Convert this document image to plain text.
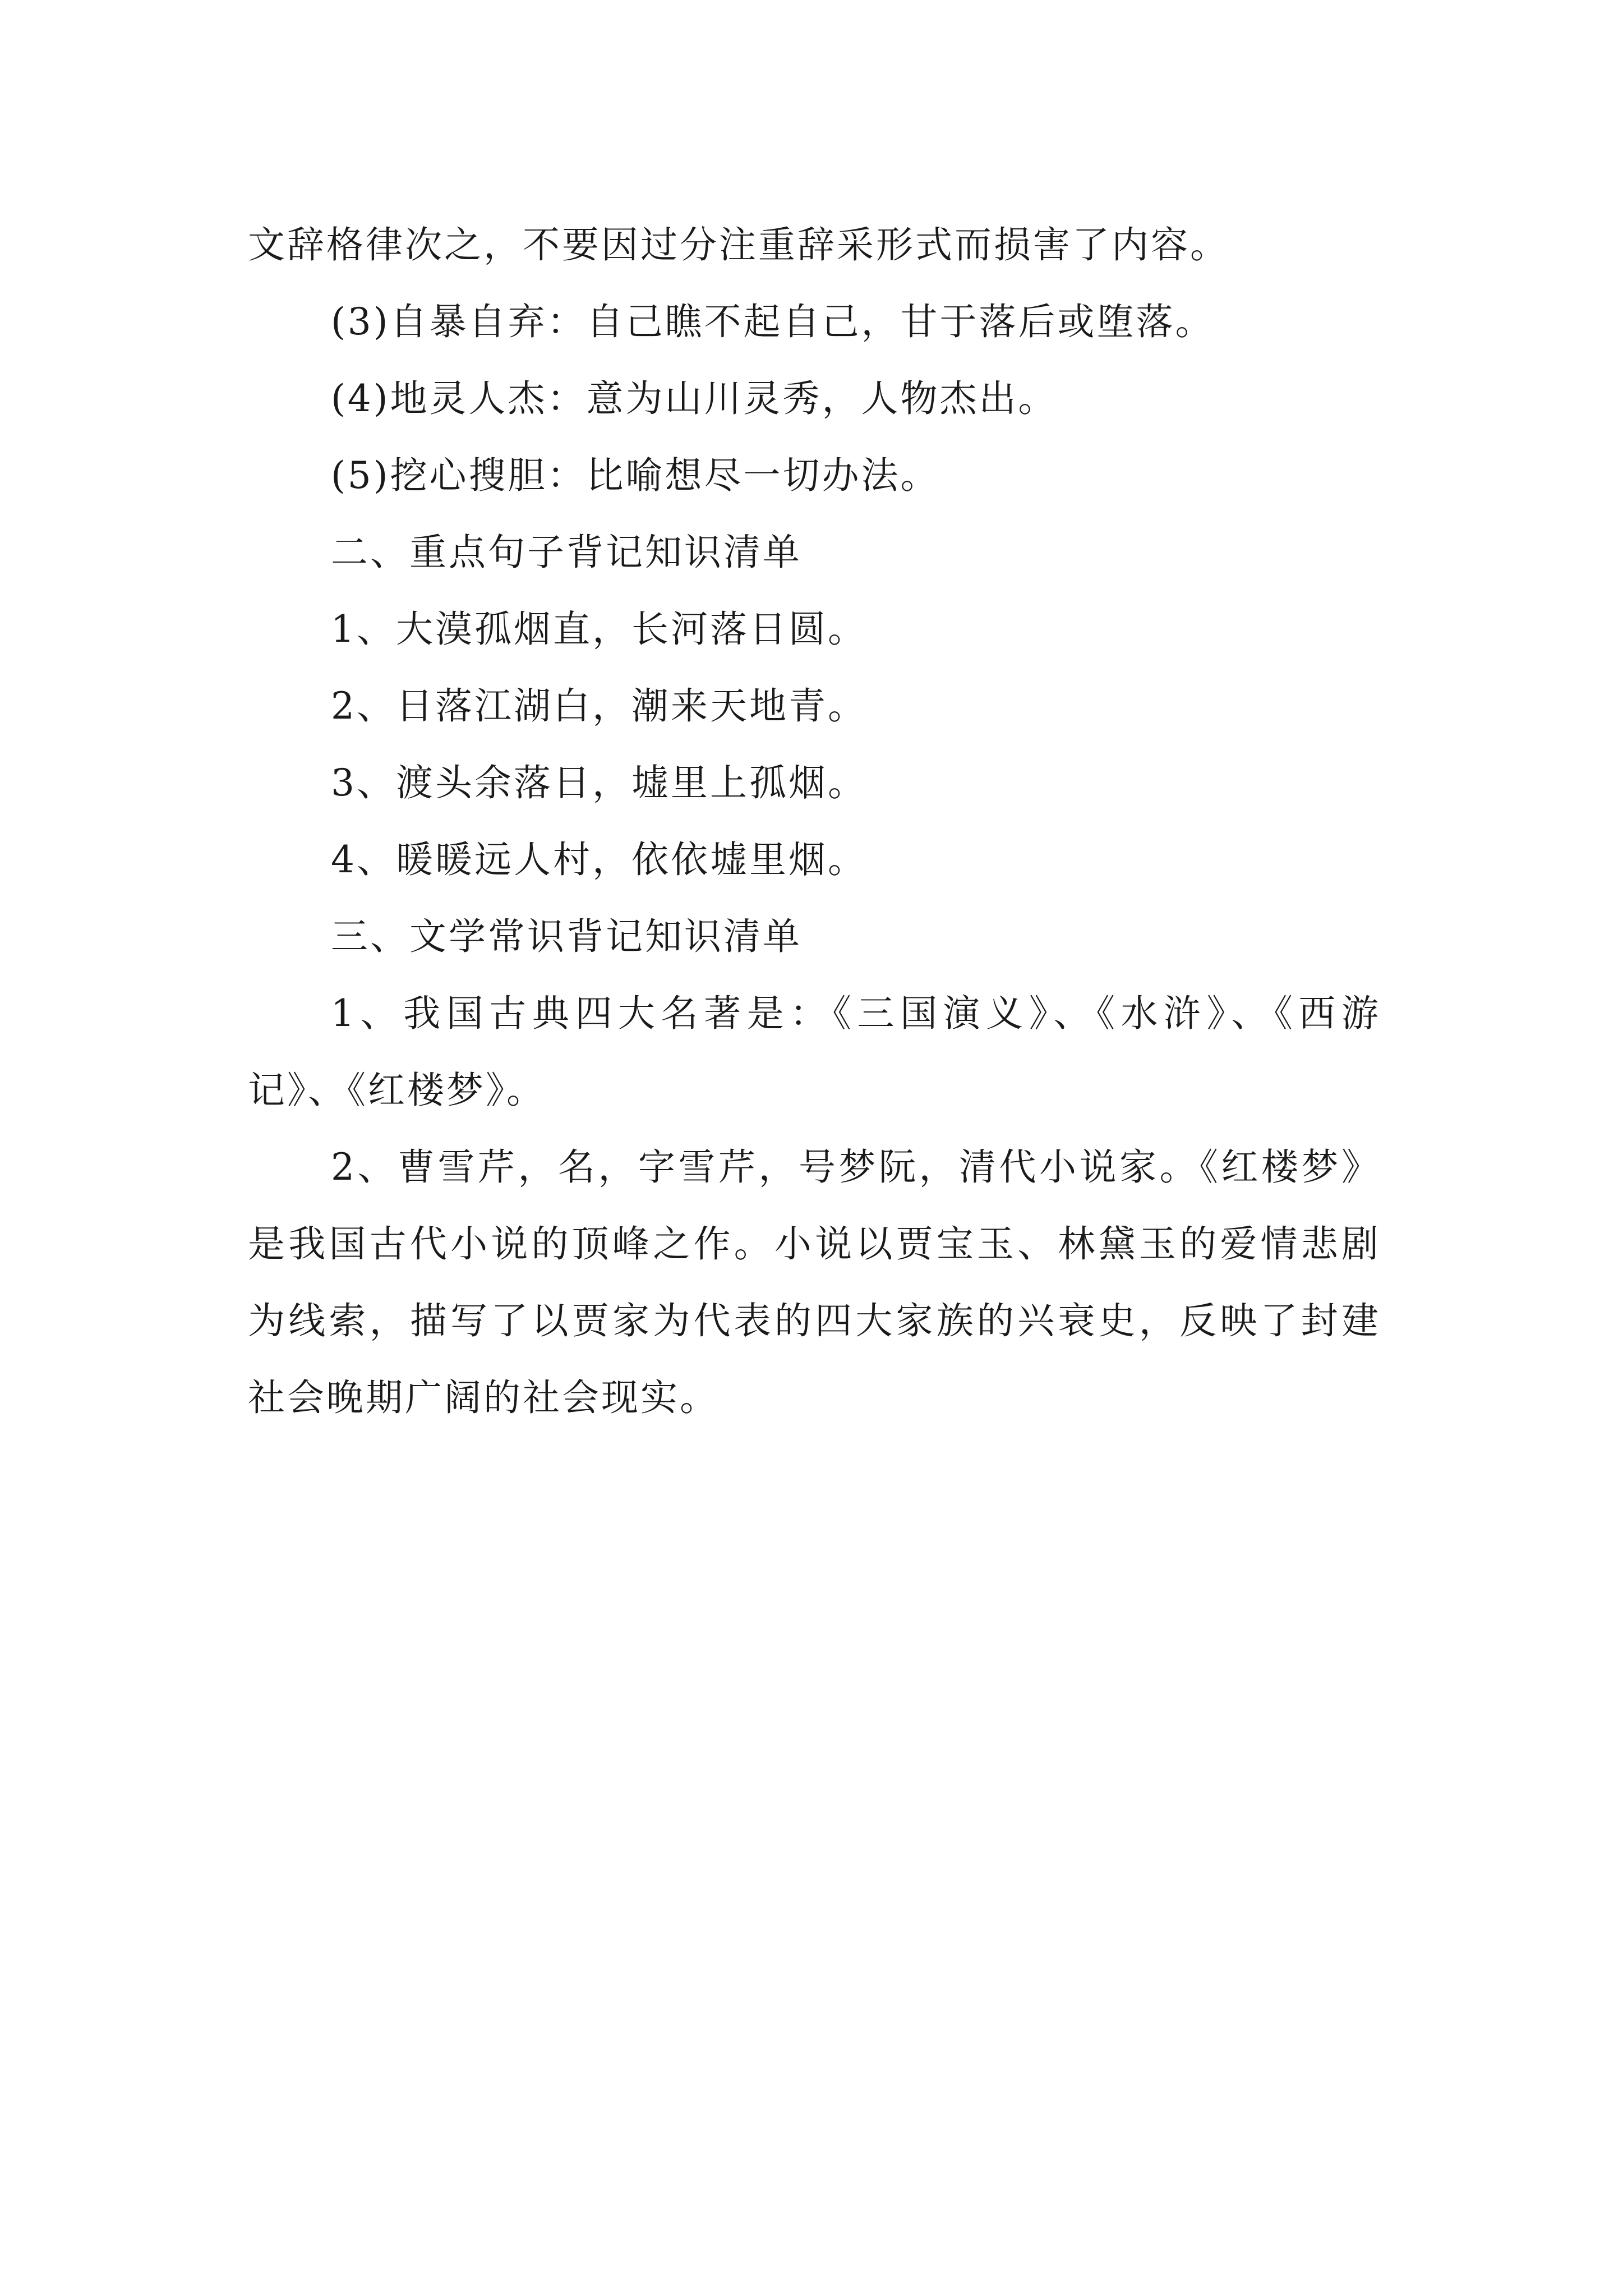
文辞格律次之，不要因过分注重辞采形式而损害了内容。

(3)自暴自弃：自己瞧不起自己，甘于落后或堕落。

(4)地灵人杰：意为山川灵秀，人物杰出。

(5)挖心搜胆：比喻想尽一切办法。

二、重点句子背记知识清单

1、大漠孤烟直，长河落日圆。

2、日落江湖白，潮来天地青。

3、渡头余落日，墟里上孤烟。

4、暖暖远人村，依依墟里烟。

三、文学常识背记知识清单

1、我国古典四大名著是：《三国演义》、《水浒》、《西游记》、《红楼梦》。

2、曹雪芹，名，字雪芹，号梦阮，清代小说家。《红楼梦》是我国古代小说的顶峰之作。小说以贾宝玉、林黛玉的爱情悲剧为线索，描写了以贾家为代表的四大家族的兴衰史，反映了封建社会晚期广阔的社会现实。
